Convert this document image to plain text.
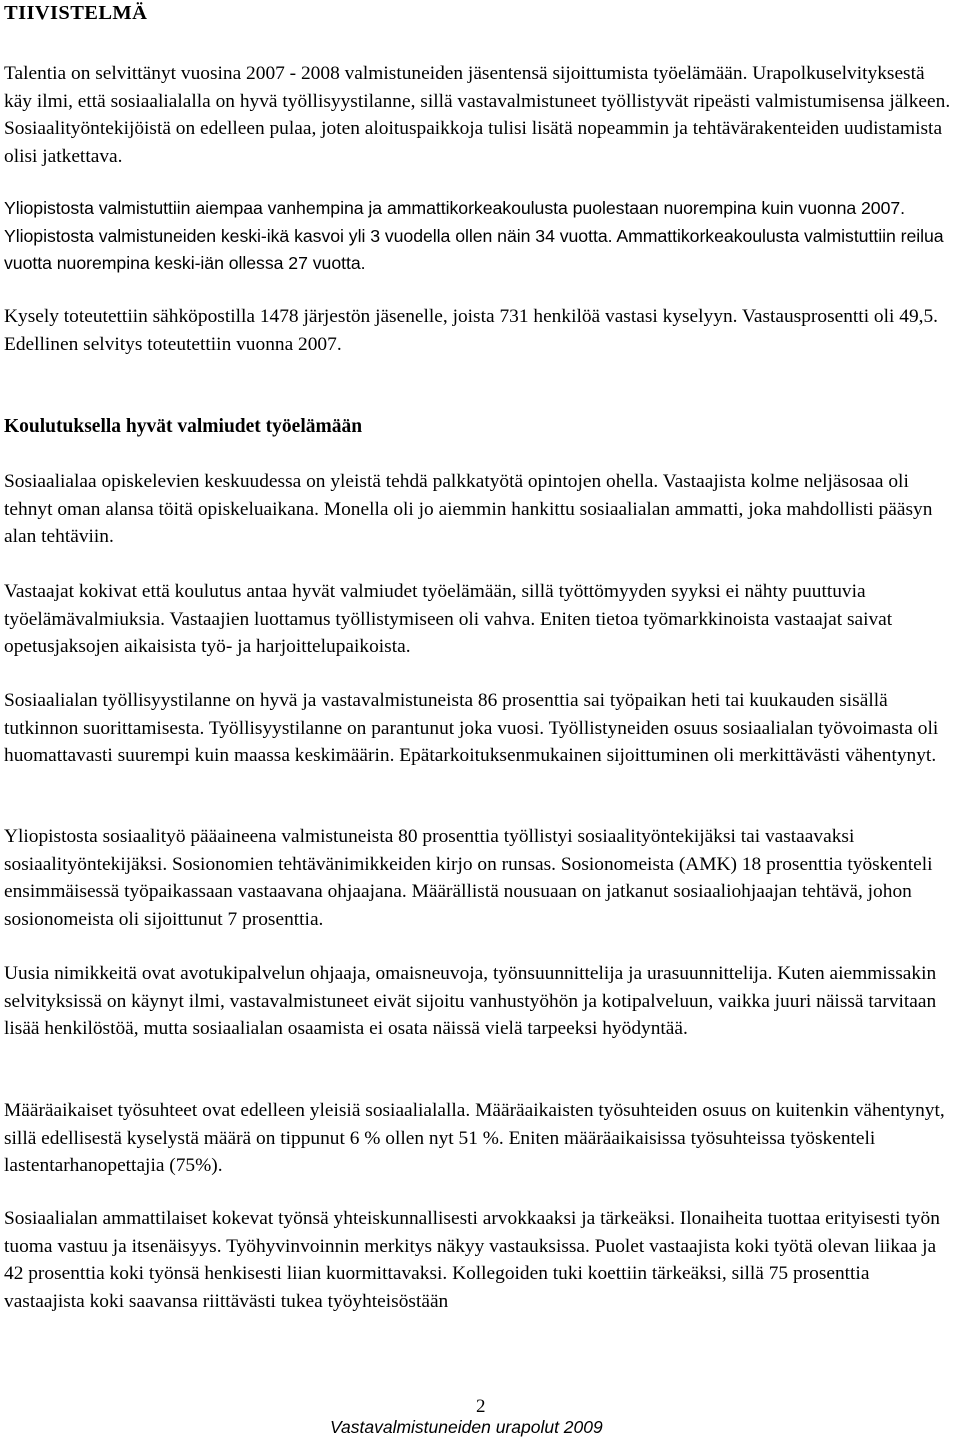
TIIVISTELMÄ

Talentia on selvittänyt vuosina 2007 - 2008 valmistuneiden jäsentensä sijoittumista työelämään. Urapolkuselvityksestä käy ilmi, että sosiaalialalla on hyvä työllisyystilanne, sillä vastavalmistuneet työllistyvät ripeästi valmistumisensa jälkeen. Sosiaalityöntekijöistä on edelleen pulaa, joten aloituspaikkoja tulisi lisätä nopeammin ja tehtävärakenteiden uudistamista olisi jatkettava.

Yliopistosta valmistuttiin aiempaa vanhempina ja ammattikorkeakoulusta puolestaan nuorempina kuin vuonna 2007. Yliopistosta valmistuneiden keski-ikä kasvoi yli 3 vuodella ollen näin 34 vuotta. Ammattikorkeakoulusta valmistuttiin reilua vuotta nuorempina keski-iän ollessa 27 vuotta.

Kysely toteutettiin sähköpostilla 1478 järjestön jäsenelle, joista 731 henkilöä vastasi kyselyyn. Vastausprosentti oli 49,5. Edellinen selvitys toteutettiin vuonna 2007.

Koulutuksella hyvät valmiudet työelämään

Sosiaalialaa opiskelevien keskuudessa on yleistä tehdä palkkatyötä opintojen ohella. Vastaajista kolme neljäsosaa oli tehnyt oman alansa töitä opiskeluaikana. Monella oli jo aiemmin hankittu sosiaalialan ammatti, joka mahdollisti pääsyn alan tehtäviin.

Vastaajat kokivat että koulutus antaa hyvät valmiudet työelämään, sillä työttömyyden syyksi ei nähty puuttuvia työelämävalmiuksia. Vastaajien luottamus työllistymiseen oli vahva. Eniten tietoa työmarkkinoista vastaajat saivat opetusjaksojen aikaisista työ- ja harjoittelupaikoista.

Sosiaalialan työllisyystilanne on hyvä ja vastavalmistuneista 86 prosenttia sai työpaikan heti tai kuukauden sisällä tutkinnon suorittamisesta. Työllisyystilanne on parantunut joka vuosi. Työllistyneiden osuus sosiaalialan työvoimasta oli huomattavasti suurempi kuin maassa keskimäärin. Epätarkoituksenmukainen sijoittuminen oli merkittävästi vähentynyt.

Yliopistosta sosiaalityö pääaineena valmistuneista 80 prosenttia työllistyi sosiaalityöntekijäksi tai vastaavaksi sosiaalityöntekijäksi. Sosionomien tehtävänimikkeiden kirjo on runsas. Sosionomeista (AMK) 18 prosenttia työskenteli ensimmäisessä työpaikassaan vastaavana ohjaajana. Määrällistä nousuaan on jatkanut sosiaaliohjaajan tehtävä, johon sosionomeista oli sijoittunut 7 prosenttia.

Uusia nimikkeitä ovat avotukipalvelun ohjaaja, omaisneuvoja, työnsuunnittelija ja urasuunnittelija. Kuten aiemmissakin selvityksissä on käynyt ilmi, vastavalmistuneet eivät sijoitu vanhustyöhön ja kotipalveluun, vaikka juuri näissä tarvitaan lisää henkilöstöä, mutta sosiaalialan osaamista ei osata näissä vielä tarpeeksi hyödyntää.

Määräaikaiset työsuhteet ovat edelleen yleisiä sosiaalialalla. Määräaikaisten työsuhteiden osuus on kuitenkin vähentynyt, sillä edellisestä kyselystä määrä on tippunut 6 % ollen nyt 51 %. Eniten määräaikaisissa työsuhteissa työskenteli lastentarhanopettajia (75%).

Sosiaalialan ammattilaiset kokevat työnsä yhteiskunnallisesti arvokkaaksi ja tärkeäksi. Ilonaiheita tuottaa erityisesti työn tuoma vastuu ja itsenäisyys. Työhyvinvoinnin merkitys näkyy vastauksissa. Puolet vastaajista koki työtä olevan liikaa ja 42 prosenttia koki työnsä henkisesti liian kuormittavaksi. Kollegoiden tuki koettiin tärkeäksi, sillä 75 prosenttia vastaajista koki saavansa riittävästi tukea työyhteisöstään

2

Vastavalmistuneiden urapolut 2009
